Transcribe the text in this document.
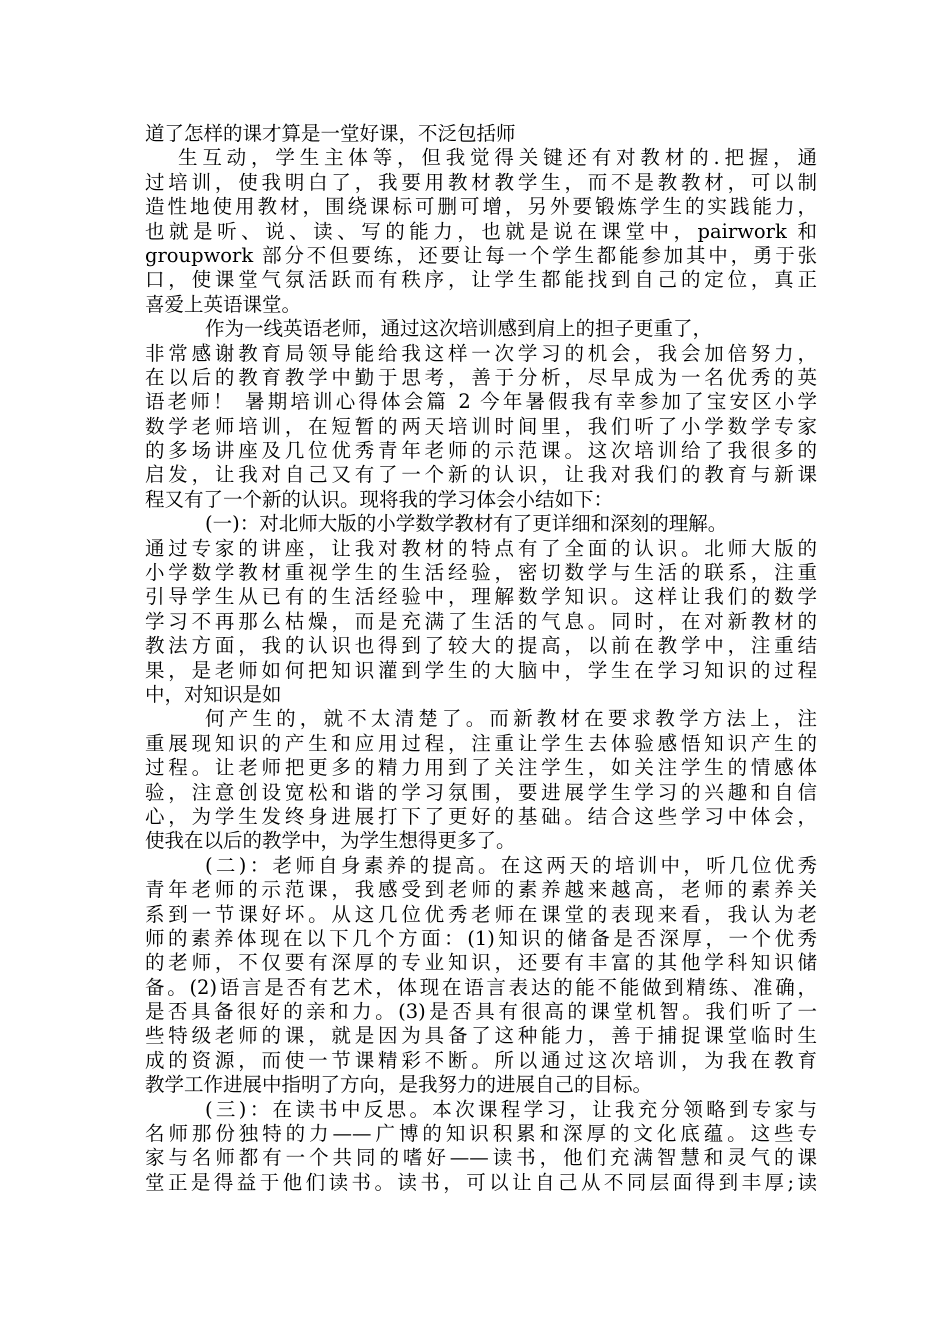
道了怎样的课才算是一堂好课，不泛包括师
生互动，学生主体等，但我觉得关键还有对教材的.把握，通
过培训，使我明白了，我要用教材教学生，而不是教教材，可以制
造性地使用教材，围绕课标可删可增，另外要锻炼学生的实践能力，
也就是听、说、读、写的能力，也就是说在课堂中，pairwork 和
groupwork 部分不但要练，还要让每一个学生都能参加其中，勇于张
口，使课堂气氛活跃而有秩序，让学生都能找到自己的定位，真正
喜爱上英语课堂。
作为一线英语老师，通过这次培训感到肩上的担子更重了，
非常感谢教育局领导能给我这样一次学习的机会，我会加倍努力，
在以后的教育教学中勤于思考，善于分析，尽早成为一名优秀的英
语老师！ 暑期培训心得体会篇 2 今年暑假我有幸参加了宝安区小学
数学老师培训，在短暂的两天培训时间里，我们听了小学数学专家
的多场讲座及几位优秀青年老师的示范课。这次培训给了我很多的
启发，让我对自己又有了一个新的认识，让我对我们的教育与新课
程又有了一个新的认识。现将我的学习体会小结如下：
(一)：对北师大版的小学数学教材有了更详细和深刻的理解。
通过专家的讲座，让我对教材的特点有了全面的认识。北师大版的
小学数学教材重视学生的生活经验，密切数学与生活的联系，注重
引导学生从已有的生活经验中，理解数学知识。这样让我们的数学
学习不再那么枯燥，而是充满了生活的气息。同时，在对新教材的
教法方面，我的认识也得到了较大的提高，以前在教学中，注重结
果，是老师如何把知识灌到学生的大脑中，学生在学习知识的过程
中，对知识是如
何产生的，就不太清楚了。而新教材在要求教学方法上，注
重展现知识的产生和应用过程，注重让学生去体验感悟知识产生的
过程。让老师把更多的精力用到了关注学生，如关注学生的情感体
验，注意创设宽松和谐的学习氛围，要进展学生学习的兴趣和自信
心，为学生发终身进展打下了更好的基础。结合这些学习中体会，
使我在以后的教学中，为学生想得更多了。
(二)：老师自身素养的提高。在这两天的培训中，听几位优秀
青年老师的示范课，我感受到老师的素养越来越高，老师的素养关
系到一节课好坏。从这几位优秀老师在课堂的表现来看，我认为老
师的素养体现在以下几个方面：(1)知识的储备是否深厚，一个优秀
的老师，不仅要有深厚的专业知识，还要有丰富的其他学科知识储
备。(2)语言是否有艺术，体现在语言表达的能不能做到精练、准确，
是否具备很好的亲和力。(3)是否具有很高的课堂机智。我们听了一
些特级老师的课，就是因为具备了这种能力，善于捕捉课堂临时生
成的资源，而使一节课精彩不断。所以通过这次培训，为我在教育
教学工作进展中指明了方向，是我努力的进展自己的目标。
(三)：在读书中反思。本次课程学习，让我充分领略到专家与
名师那份独特的力——广博的知识积累和深厚的文化底蕴。这些专
家与名师都有一个共同的嗜好——读书，他们充满智慧和灵气的课
堂正是得益于他们读书。读书，可以让自己从不同层面得到丰厚;读
